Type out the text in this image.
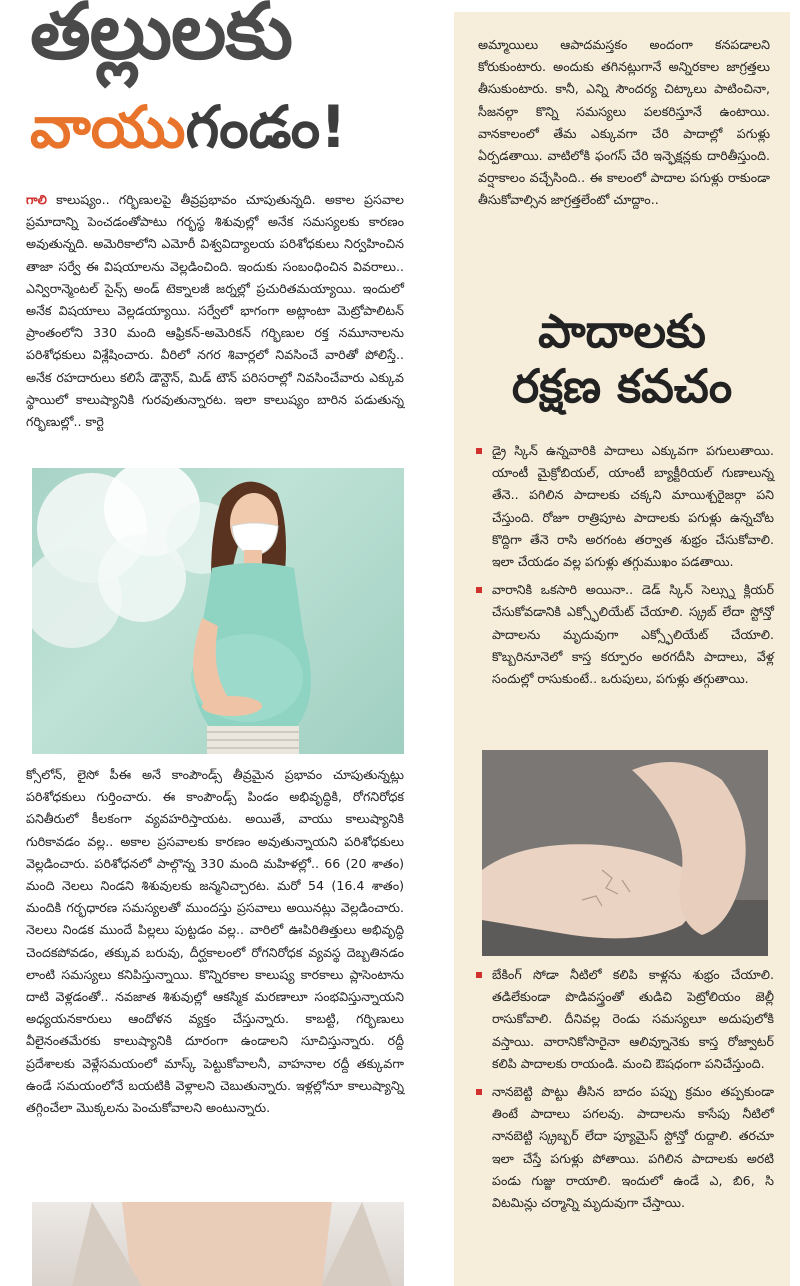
తల్లులకు
వాయుగండం!

గాలి కాలుష్యం.. గర్భిణులపై తీవ్రప్రభావం చూపుతున్నది. అకాల ప్రసవాల ప్రమాదాన్ని పెంచడంతోపాటు గర్భస్థ శిశువుల్లో అనేక సమస్యలకు కారణం అవుతున్నది. అమెరికాలోని ఎమోరీ విశ్వవిద్యాలయ పరిశోధకులు నిర్వహించిన తాజా సర్వే ఈ విషయాలను వెల్లడించింది. ఇందుకు సంబంధించిన వివరాలు.. ఎన్విరాన్మెంటల్ సైన్స్ అండ్ టెక్నాలజీ జర్నల్లో ప్రచురితమయ్యాయి. ఇందులో అనేక విషయాలు వెల్లడయ్యాయి. సర్వేలో భాగంగా అట్లాంటా మెట్రోపాలిటన్ ప్రాంతంలోని 330 మంది ఆఫ్రికన్-అమెరికన్ గర్భిణుల రక్త నమూనాలను పరిశోధకులు విశ్లేషించారు. వీరిలో నగర శివార్లలో నివసించే వారితో పోలిస్తే.. అనేక రహదారులు కలిసే డౌన్టౌన్, మిడ్ టౌన్ పరిసరాల్లో నివసించేవారు ఎక్కువ స్థాయిలో కాలుష్యానికి గురవుతున్నారట. ఇలా కాలుష్యం బారిన పడుతున్న గర్భిణుల్లో.. కార్టె

క్సోలోన్, లైసో పీఈ అనే కాంపౌండ్స్ తీవ్రమైన ప్రభావం చూపుతున్నట్లు పరిశోధకులు గుర్తించారు. ఈ కాంపౌండ్స్ పిండం అభివృద్ధికి, రోగనిరోధక పనితీరులో కీలకంగా వ్యవహరిస్తాయట. అయితే, వాయు కాలుష్యానికి గురికావడం వల్ల.. అకాల ప్రసవాలకు కారణం అవుతున్నాయని పరిశోధకులు వెల్లడించారు. పరిశోధనలో పాల్గొన్న 330 మంది మహిళల్లో.. 66 (20 శాతం) మంది నెలలు నిండని శిశువులకు జన్మనిచ్చారట. మరో 54 (16.4 శాతం) మందికి గర్భధారణ సమస్యలతో ముందస్తు ప్రసవాలు అయినట్లు వెల్లడించారు. నెలలు నిండక ముందే పిల్లలు పుట్టడం వల్ల.. వారిలో ఊపిరితిత్తులు అభివృద్ధి చెందకపోవడం, తక్కువ బరువు, దీర్ఘకాలంలో రోగనిరోధక వ్యవస్థ దెబ్బతినడం లాంటి సమస్యలు కనిపిస్తున్నాయి. కొన్నిరకాల కాలుష్య కారకాలు ప్లాసెంటాను దాటి వెళ్లడంతో.. నవజాత శిశువుల్లో ఆకస్మిక మరణాలూ సంభవిస్తున్నాయని అధ్యయనకారులు ఆందోళన వ్యక్తం చేస్తున్నారు. కాబట్టి, గర్భిణులు వీలైనంతమేరకు కాలుష్యానికి దూరంగా ఉండాలని సూచిస్తున్నారు. రద్దీ ప్రదేశాలకు వెళ్లేసమయంలో మాస్క్ పెట్టుకోవాలనీ, వాహనాల రద్దీ తక్కువగా ఉండే సమయంలోనే బయటికి వెళ్లాలని చెబుతున్నారు. ఇళ్లల్లోనూ కాలుష్యాన్ని తగ్గించేలా మొక్కలను పెంచుకోవాలని అంటున్నారు.

అమ్మాయిలు ఆపాదమస్తకం అందంగా కనపడాలని కోరుకుంటారు. అందుకు తగినట్లుగానే అన్నిరకాల జాగ్రత్తలు తీసుకుంటారు. కానీ, ఎన్ని సౌందర్య చిట్కాలు పాటించినా, సీజనల్గా కొన్ని సమస్యలు పలకరిస్తూనే ఉంటాయి. వానకాలంలో తేమ ఎక్కువగా చేరి పాదాల్లో పగుళ్లు ఏర్పడతాయి. వాటిలోకి ఫంగస్ చేరి ఇన్ఫెక్షన్లకు దారితీస్తుంది. వర్షాకాలం వచ్చేసింది.. ఈ కాలంలో పాదాల పగుళ్లు రాకుండా తీసుకోవాల్సిన జాగ్రత్తలేంటో చూద్దాం..

పాదాలకు
రక్షణ కవచం

డ్రై స్కిన్ ఉన్నవారికి పాదాలు ఎక్కువగా పగులుతాయి. యాంటీ మైక్రోబియల్, యాంటీ బ్యాక్టీరియల్ గుణాలున్న తేనె.. పగిలిన పాదాలకు చక్కని మాయిశ్చరైజర్గా పని చేస్తుంది. రోజూ రాత్రిపూట పాదాలకు పగుళ్లు ఉన్నచోట కొద్దిగా తేనె రాసి అరగంట తర్వాత శుభ్రం చేసుకోవాలి. ఇలా చేయడం వల్ల పగుళ్లు తగ్గుముఖం పడతాయి.

వారానికి ఒకసారి అయినా.. డెడ్ స్కిన్ సెల్స్ను క్లియర్ చేసుకోవడానికి ఎక్స్ఫోలియేట్ చేయాలి. స్క్రబ్ లేదా స్టోన్తో పాదాలను మృదువుగా ఎక్స్ఫోలియేట్ చేయాలి. కొబ్బరినూనెలో కాస్త కర్పూరం అరగదీసి పాదాలు, వేళ్ల సందుల్లో రాసుకుంటే.. ఒరుపులు, పగుళ్లు తగ్గుతాయి.

బేకింగ్ సోడా నీటిలో కలిపి కాళ్లను శుభ్రం చేయాలి. తడిలేకుండా పొడివస్త్రంతో తుడిచి పెట్రోలియం జెల్లీ రాసుకోవాలి. దీనివల్ల రెండు సమస్యలూ అదుపులోకి వస్తాయి. వారానికోసారైనా ఆలివ్నూనెకు కాస్త రోజ్వాటర్ కలిపి పాదాలకు రాయండి. మంచి ఔషధంగా పనిచేస్తుంది.

నానబెట్టి పొట్టు తీసిన బాదం పప్పు క్రమం తప్పకుండా తింటే పాదాలు పగలవు. పాదాలను కాసేపు నీటిలో నానబెట్టి స్క్రబ్బర్ లేదా ప్యూమైస్ స్టోన్తో రుద్దాలి. తరచూ ఇలా చేస్తే పగుళ్లు పోతాయి. పగిలిన పాదాలకు అరటి పండు గుజ్జు రాయాలి. ఇందులో ఉండే ఎ, బి6, సి విటమిన్లు చర్మాన్ని మృదువుగా చేస్తాయి.
